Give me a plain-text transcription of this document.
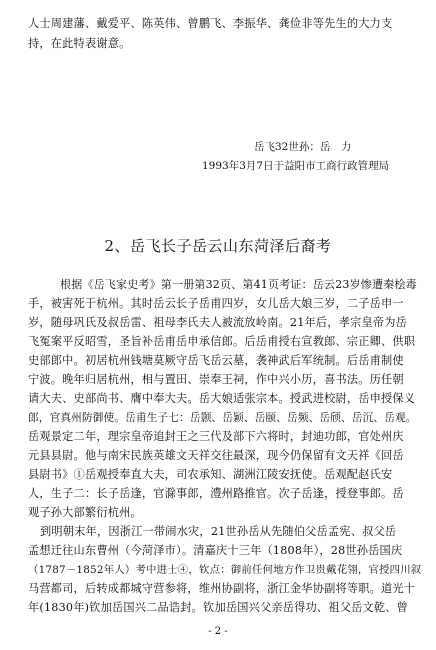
人士周建藩、戴爱平、陈英伟、曾鹏飞、李振华、龚俭非等先生的大力支
持，在此特表谢意。
岳飞32世孙：岳　力
1993年3月7日于益阳市工商行政管理局
2、岳飞长子岳云山东菏泽后裔考
根据《岳飞家史考》第一册第32页、第41页考证：岳云23岁惨遭秦桧毒
手，被害死于杭州。其时岳云长子岳甫四岁，女儿岳大娘三岁，二子岳申一
岁，随母巩氏及叔岳雷、祖母李氏夫人被流放岭南。21年后，孝宗皇帝为岳
飞冤案平反昭雪，圣旨补岳甫岳申承信郎。后岳甫授右宣教郎、宗正卿、供职
史部郎中。初居杭州钱塘莫厥守岳飞岳云墓，袭神武后军统制。后岳甫制使
宁波。晚年归居杭州，相与置田、崇奉王祠，作中兴小历，喜书法。历任朝
请大夫、史部尚书、膺中奉大夫。岳大娘适张宗本。授武进校尉，岳申授保义
郎，官真州防御使。岳甫生子七：岳颢、岳颖、岳颐、岳频、岳颀、岳沉、岳观。
岳观景定二年，理宗皇帝追封王之三代及部下六将时，封迪功郎，官处州庆
元县县尉。他与南宋民族英雄文天祥交往最深，现今仍保留有文天祥《回岳
县尉书》①岳观授奉直大夫，司农承知、湖洲江陵安抚使。岳观配赵氏安
人，生子二：长子岳逢，官滁事郎，澧州路推官。次子岳逢，授登事郎。岳
观子孙大部繁衍杭州。
到明朝末年，因浙江一带闹水灾，21世孙岳从先随伯父岳孟宪、叔父岳
孟想迁往山东曹州（今菏泽市）。清嘉庆十三年（1808年），28世孙岳国庆
（1787－1852年人）考中进士④，钦点：御前任何地方作卫贵戴花翎，官授四川叙
马营都司，后转成都城守营参将，维州协副将，浙江金华协副将等职。道光十
年(1830年)钦加岳国兴二品诰封。钦加岳国兴父亲岳得功、祖父岳文乾、曾
- 2 -
